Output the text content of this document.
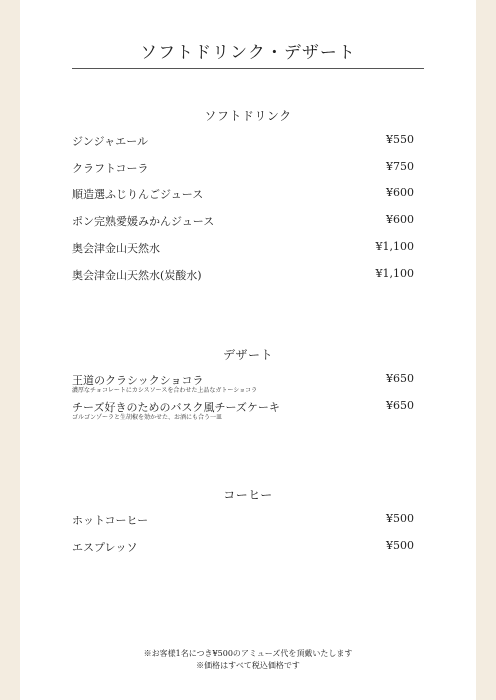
ソフトドリンク・デザート
ソフトドリンク
ジンジャエール	¥550
クラフトコーラ	¥750
順造選ふじりんごジュース	¥600
ポン完熟愛媛みかんジュース	¥600
奥会津金山天然水	¥1,100
奥会津金山天然水(炭酸水)	¥1,100
デザート
王道のクラシックショコラ	¥650
濃厚なチョコレートにカシスソースを合わせた上品なガトーショコラ
チーズ好きのためのバスク風チーズケーキ	¥650
ゴルゴンゾーラと生胡椒を効かせた、お酒にも合う一皿
コーヒー
ホットコーヒー	¥500
エスプレッソ	¥500
※お客様1名につき¥500のアミューズ代を頂戴いたします
※価格はすべて税込価格です
